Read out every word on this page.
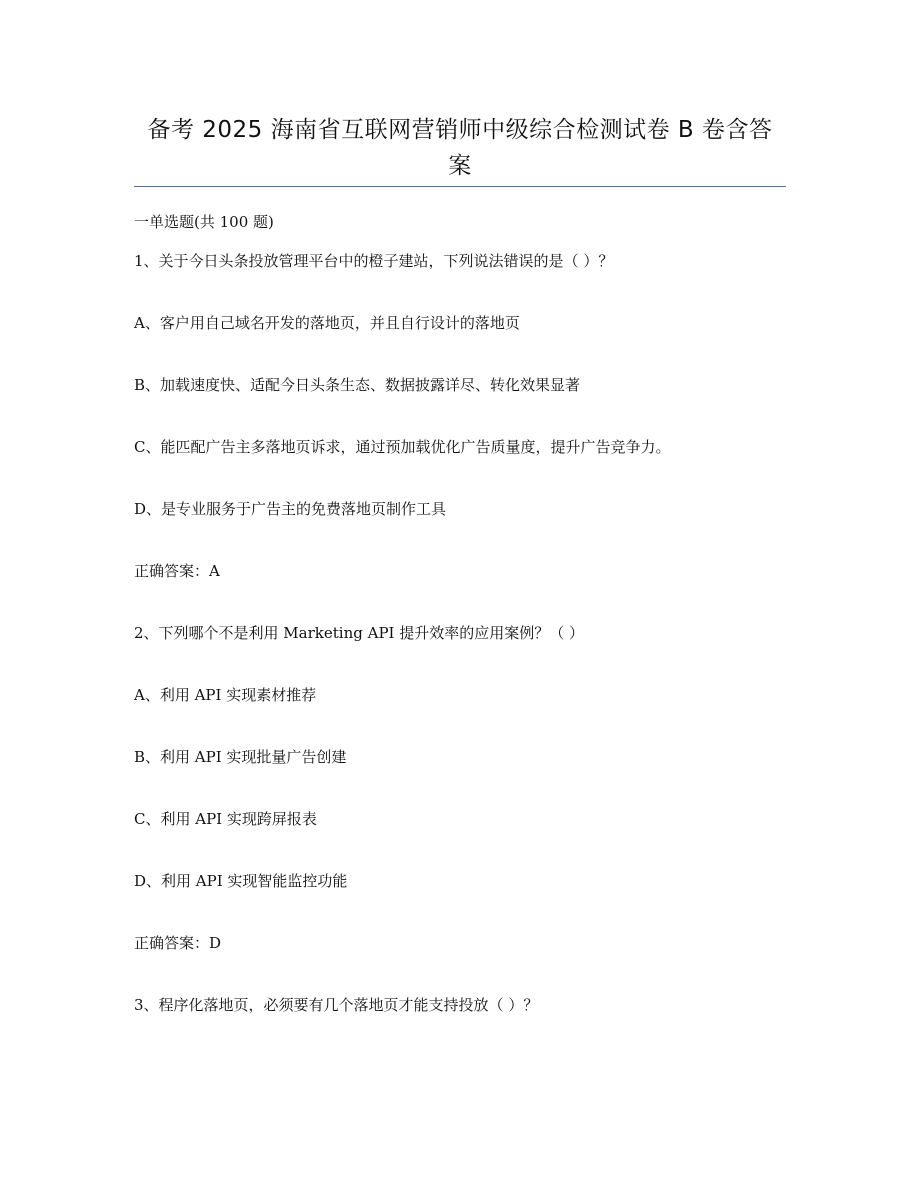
备考 2025 海南省互联网营销师中级综合检测试卷 B 卷含答
案
一单选题(共 100 题)
1、关于今日头条投放管理平台中的橙子建站，下列说法错误的是（ ）？
A、客户用自己域名开发的落地页，并且自行设计的落地页
B、加载速度快、适配今日头条生态、数据披露详尽、转化效果显著
C、能匹配广告主多落地页诉求，通过预加载优化广告质量度，提升广告竞争力。
D、是专业服务于广告主的免费落地页制作工具
正确答案：A
2、下列哪个不是利用 Marketing API 提升效率的应用案例？（ ）
A、利用 API 实现素材推荐
B、利用 API 实现批量广告创建
C、利用 API 实现跨屏报表
D、利用 API 实现智能监控功能
正确答案：D
3、程序化落地页，必须要有几个落地页才能支持投放（ ）？
